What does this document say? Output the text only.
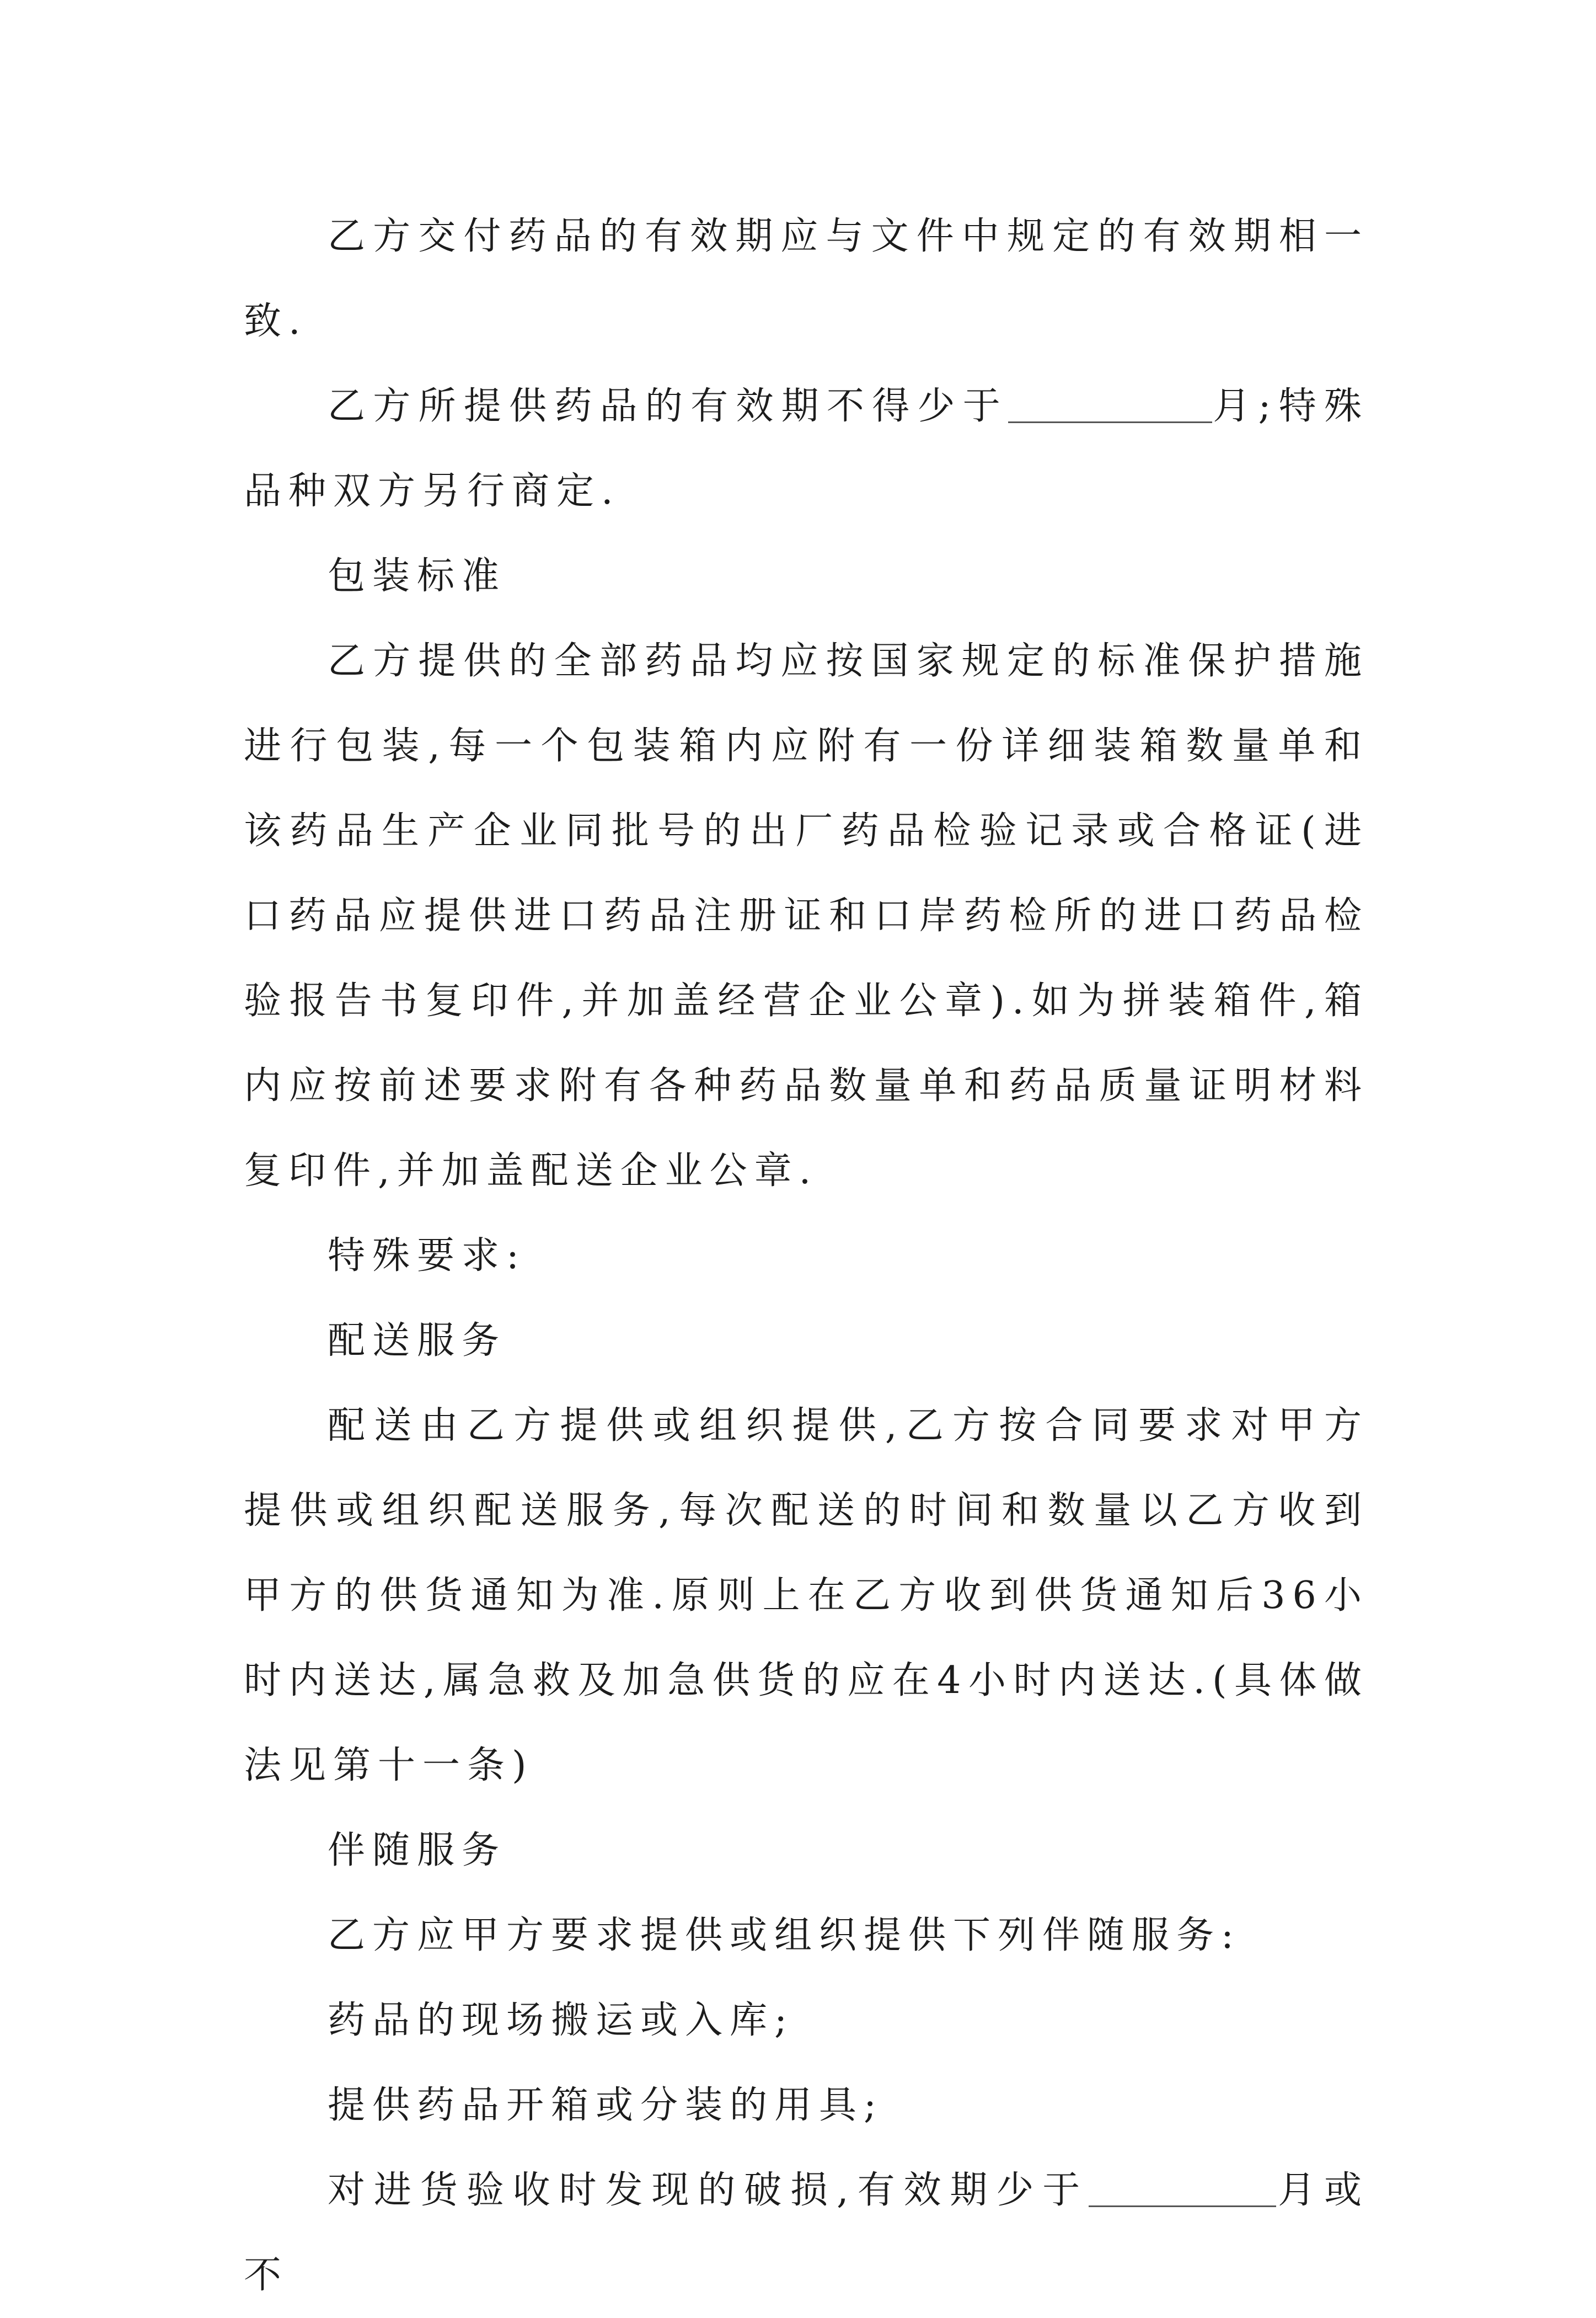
乙方交付药品的有效期应与文件中规定的有效期相一致.

乙方所提供药品的有效期不得少于	月;特殊品种双方另行商定.

包装标准

乙方提供的全部药品均应按国家规定的标准保护措施进行包装,每一个包装箱内应附有一份详细装箱数量单和该药品生产企业同批号的出厂药品检验记录或合格证(进口药品应提供进口药品注册证和口岸药检所的进口药品检验报告书复印件,并加盖经营企业公章).如为拼装箱件,箱内应按前述要求附有各种药品数量单和药品质量证明材料复印件,并加盖配送企业公章.

特殊要求:

配送服务

配送由乙方提供或组织提供,乙方按合同要求对甲方提供或组织配送服务,每次配送的时间和数量以乙方收到甲方的供货通知为准.原则上在乙方收到供货通知后36小时内送达,属急救及加急供货的应在4小时内送达.(具体做法见第十一条)

伴随服务

乙方应甲方要求提供或组织提供下列伴随服务:

药品的现场搬运或入库;

提供药品开箱或分装的用具;

对进货验收时发现的破损,有效期少于	月或不
